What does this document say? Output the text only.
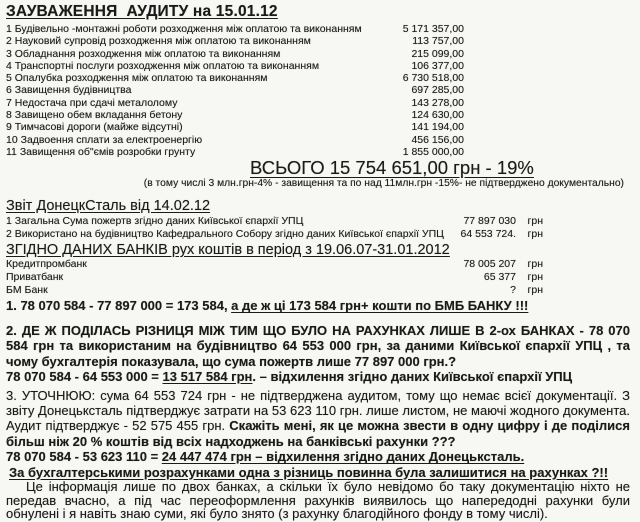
ЗАУВАЖЕННЯ  АУДИТУ на 15.01.12
1 Будівельно -монтажні роботи розходження між оплатою та виконанням	5 171 357,00
2 Науковий супровід розходження між оплатою та виконанням	113 757,00
3 Обладнання розходження між оплатою та виконанням	215 099,00
4 Транспортні послуги розходження між оплатою та виконанням	106 377,00
5 Опалубка розходження між оплатою та виконанням	6 730 518,00
6 Завищення будівництва	697 285,00
7 Недостача при сдачі металолому	143 278,00
8 Завищено обем вкладання бетону	124 630,00
9 Тимчасові дороги (майже відсутні)	141 194,00
10 Задвоення сплати за електроенергію	456 156,00
11 Завищення об"ємів розробки грунту	1 855 000,00
ВСЬОГО 15 754 651,00 грн - 19%
(в тому числі 3 млн.грн-4% - завищення та по над 11млн.грн -15%- не підтверджено документально)
Звіт ДонецкСталь від 14.02.12
1 Загальна Сума пожертв згідно даних Київської єпархії УПЦ	77 897 030	грн
2 Використано на будівництво Кафедрального Собору згідно даних Київської єпархії УПЦ	64 553 724.	грн
ЗГІДНО ДАНИХ БАНКІВ рух коштів в період з 19.06.07-31.01.2012
Кредитпромбанк	78 005 207	грн
Приватбанк	65 377	грн
БМ Банк	?	грн
1. 78 070 584 - 77 897 000 = 173 584, а де ж ці 173 584 грн+ кошти по БМБ БАНКУ !!!
2. ДЕ Ж ПОДІЛАСЬ РІЗНИЦЯ МІЖ ТИМ ЩО БУЛО НА РАХУНКАХ ЛИШЕ В 2-ох БАНКАХ - 78 070 584 грн та використаним на будівництво 64 553 000 грн, за даними Київської єпархії УПЦ , та чому бухгалтерія показувала, що сума пожертв лише 77 897 000 грн.?
78 070 584 - 64 553 000 = 13 517 584 грн. – відхилення згідно даних Київської єпархії УПЦ
3. УТОЧНЮЮ: сума 64 553 724 грн - не підтверджена аудитом, тому що немає всієї документації. З звіту Донецьксталь підтверджує затрати на 53 623 110 грн. лише листом, не маючі жодного документа. Аудит підтверджує - 52 575 455 грн. Скажіть мені, як це можна звести в одну цифру і де поділися більш ніж 20 % коштів від всіх надходжень на банківські рахунки ???
78 070 584 - 53 623 110 = 24 447 474 грн – відхилення згідно даних Донецьксталь.
За бухгалтерськими розрахунками одна з різниць повинна була залишитися на рахунках ?!!
Це інформація лише по двох банках, а скільки їх було невідомо бо таку документацію ніхто не передав вчасно, а під час переоформлення рахунків виявилось що напередодні рахунки були обнулені і я навіть знаю суми, які було знято (з рахунку благодійного фонду в тому числі).
